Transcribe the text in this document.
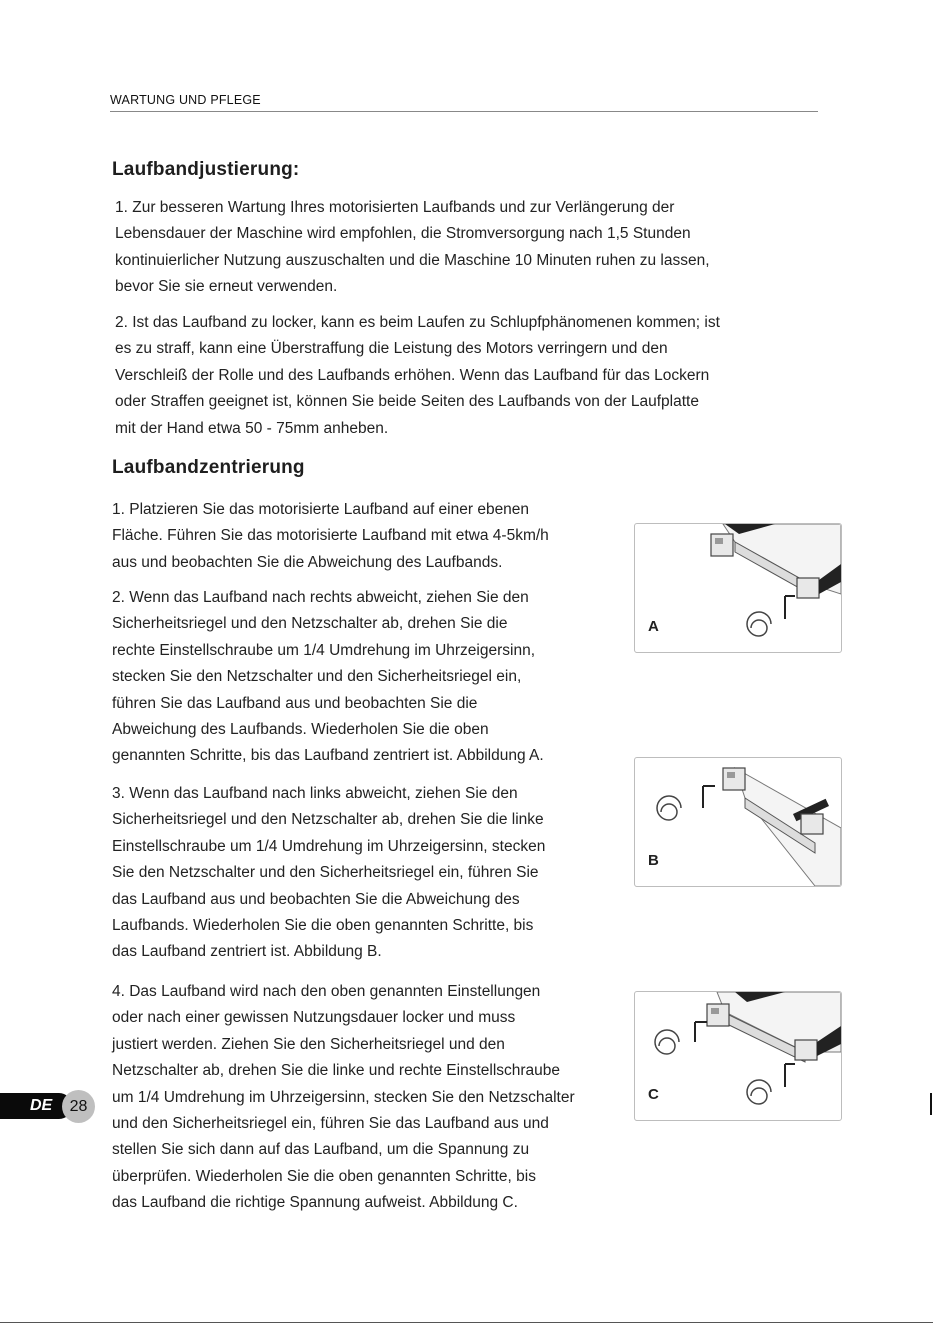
WARTUNG UND PFLEGE
Laufbandjustierung:
1. Zur besseren Wartung Ihres motorisierten Laufbands und zur Verlängerung der
Lebensdauer der Maschine wird empfohlen, die Stromversorgung nach 1,5 Stunden
kontinuierlicher Nutzung auszuschalten und die Maschine 10 Minuten ruhen zu lassen,
bevor Sie sie erneut verwenden.
2. Ist das Laufband zu locker, kann es beim Laufen zu Schlupfphänomenen kommen; ist
es zu straff, kann eine Überstraffung die Leistung des Motors verringern und den
Verschleiß der Rolle und des Laufbands erhöhen. Wenn das Laufband für das Lockern
oder Straffen geeignet ist, können Sie beide Seiten des Laufbands von der Laufplatte
mit der Hand etwa 50 - 75mm anheben.
Laufbandzentrierung
1. Platzieren Sie das motorisierte Laufband auf einer ebenen
Fläche. Führen Sie das motorisierte Laufband mit etwa 4-5km/h
aus und beobachten Sie die Abweichung des Laufbands.
2. Wenn das Laufband nach rechts abweicht, ziehen Sie den
Sicherheitsriegel und den Netzschalter ab, drehen Sie die
rechte Einstellschraube um 1/4 Umdrehung im Uhrzeigersinn,
stecken Sie den Netzschalter und den Sicherheitsriegel ein,
führen Sie das Laufband aus und beobachten Sie die
Abweichung des Laufbands. Wiederholen Sie die oben
genannten Schritte, bis das Laufband zentriert ist. Abbildung A.
3. Wenn das Laufband nach links abweicht, ziehen Sie den
Sicherheitsriegel und den Netzschalter ab, drehen Sie die linke
Einstellschraube um 1/4 Umdrehung im Uhrzeigersinn, stecken
Sie den Netzschalter und den Sicherheitsriegel ein, führen Sie
das Laufband aus und beobachten Sie die Abweichung des
Laufbands. Wiederholen Sie die oben genannten Schritte, bis
das Laufband zentriert ist. Abbildung B.
4. Das Laufband wird nach den oben genannten Einstellungen
oder nach einer gewissen Nutzungsdauer locker und muss
justiert werden. Ziehen Sie den Sicherheitsriegel und den
Netzschalter ab, drehen Sie die linke und rechte Einstellschraube
um 1/4 Umdrehung im Uhrzeigersinn, stecken Sie den Netzschalter
und den Sicherheitsriegel ein, führen Sie das Laufband aus und
stellen Sie sich dann auf das Laufband, um die Spannung zu
überprüfen. Wiederholen Sie die oben genannten Schritte, bis
das Laufband die richtige Spannung aufweist. Abbildung C.
A
B
C
DE	28
